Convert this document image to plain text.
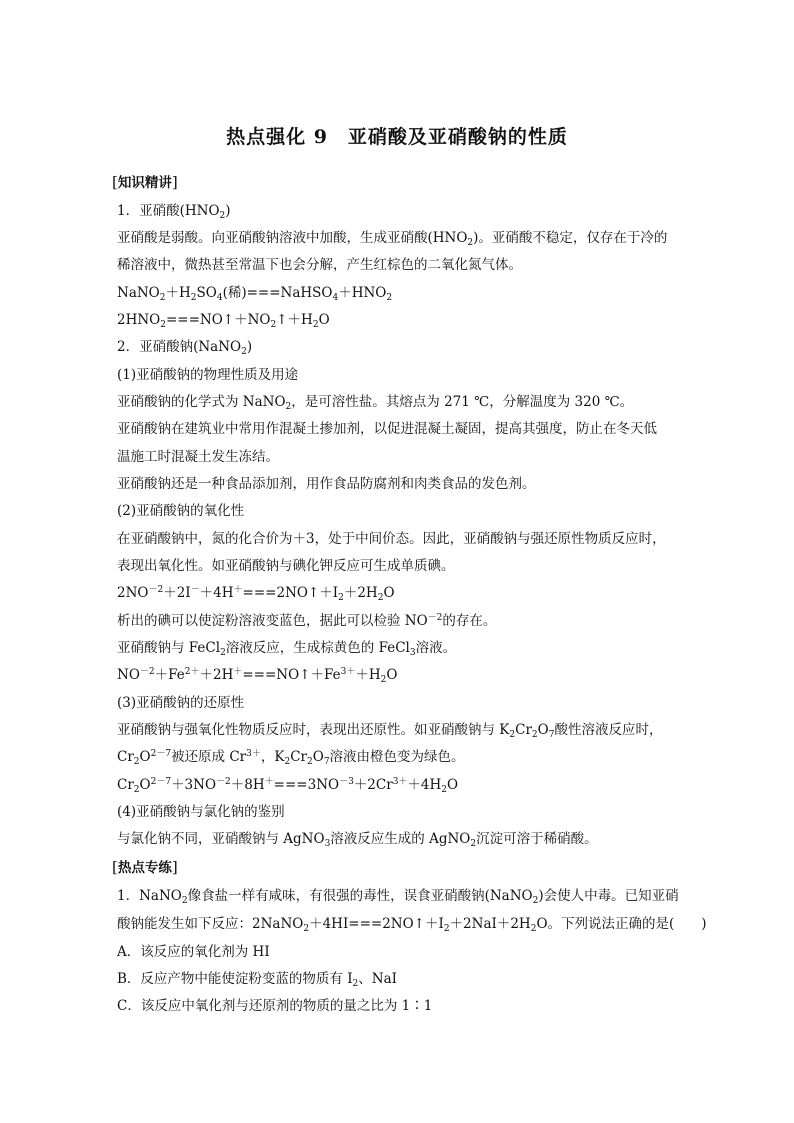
热点强化 9　亚硝酸及亚硝酸钠的性质
[知识精讲]
1．亚硝酸$(HNO_2)$
亚硝酸是弱酸。向亚硝酸钠溶液中加酸，生成亚硝酸$(HNO_2)$。亚硝酸不稳定，仅存在于冷的
稀溶液中，微热甚至常温下也会分解，产生红棕色的二氧化氮气体。
$NaNO_2+H_2SO_4$(稀)$===NaHSO_4+HNO_2$
$2HNO_2===NO↑+NO_2↑+H_2O$
2．亚硝酸钠(NaNO$_2$)
(1)亚硝酸钠的物理性质及用途
亚硝酸钠的化学式为 NaNO$_2$，是可溶性盐。其熔点为 271 ℃，分解温度为 320 ℃。
亚硝酸钠在建筑业中常用作混凝土掺加剂，以促进混凝土凝固，提高其强度，防止在冬天低
温施工时混凝土发生冻结。
亚硝酸钠还是一种食品添加剂，用作食品防腐剂和肉类食品的发色剂。
(2)亚硝酸钠的氧化性
在亚硝酸钠中，氮的化合价为＋3，处于中间价态。因此，亚硝酸钠与强还原性物质反应时，
表现出氧化性。如亚硝酸钠与碘化钾反应可生成单质碘。
$2NO^{-2}+2I^-+4H^+===2NO↑+I_2+2H_2O$
析出的碘可以使淀粉溶液变蓝色，据此可以检验 $NO^{-2}$的存在。
亚硝酸钠与 FeCl$_2$溶液反应，生成棕黄色的 FeCl$_3$溶液。
$NO^{-2}+Fe^{2+}+2H^+===NO↑+Fe^{3+}+H_2O$
(3)亚硝酸钠的还原性
亚硝酸钠与强氧化性物质反应时，表现出还原性。如亚硝酸钠与 $K_2Cr_2O_7$酸性溶液反应时，
$Cr_2O^{2-7}$被还原成 $Cr^{3+}$，$K_2Cr_2O_7$溶液由橙色变为绿色。
$Cr_2O^{2-7}+3NO^{-2}+8H^+===3NO^{-3}+2Cr^{3+}+4H_2O$
(4)亚硝酸钠与氯化钠的鉴别
与氯化钠不同，亚硝酸钠与 AgNO$_3$溶液反应生成的 AgNO$_2$沉淀可溶于稀硝酸。
[热点专练]
1．NaNO$_2$像食盐一样有咸味，有很强的毒性，误食亚硝酸钠(NaNO$_2$)会使人中毒。已知亚硝
酸钠能发生如下反应：$2NaNO_2+4HI===2NO↑+I_2+2NaI+2H_2O$。下列说法正确的是(　　)
A．该反应的氧化剂为 HI
B．反应产物中能使淀粉变蓝的物质有 $I_2$、NaI
C．该反应中氧化剂与还原剂的物质的量之比为 1∶1
